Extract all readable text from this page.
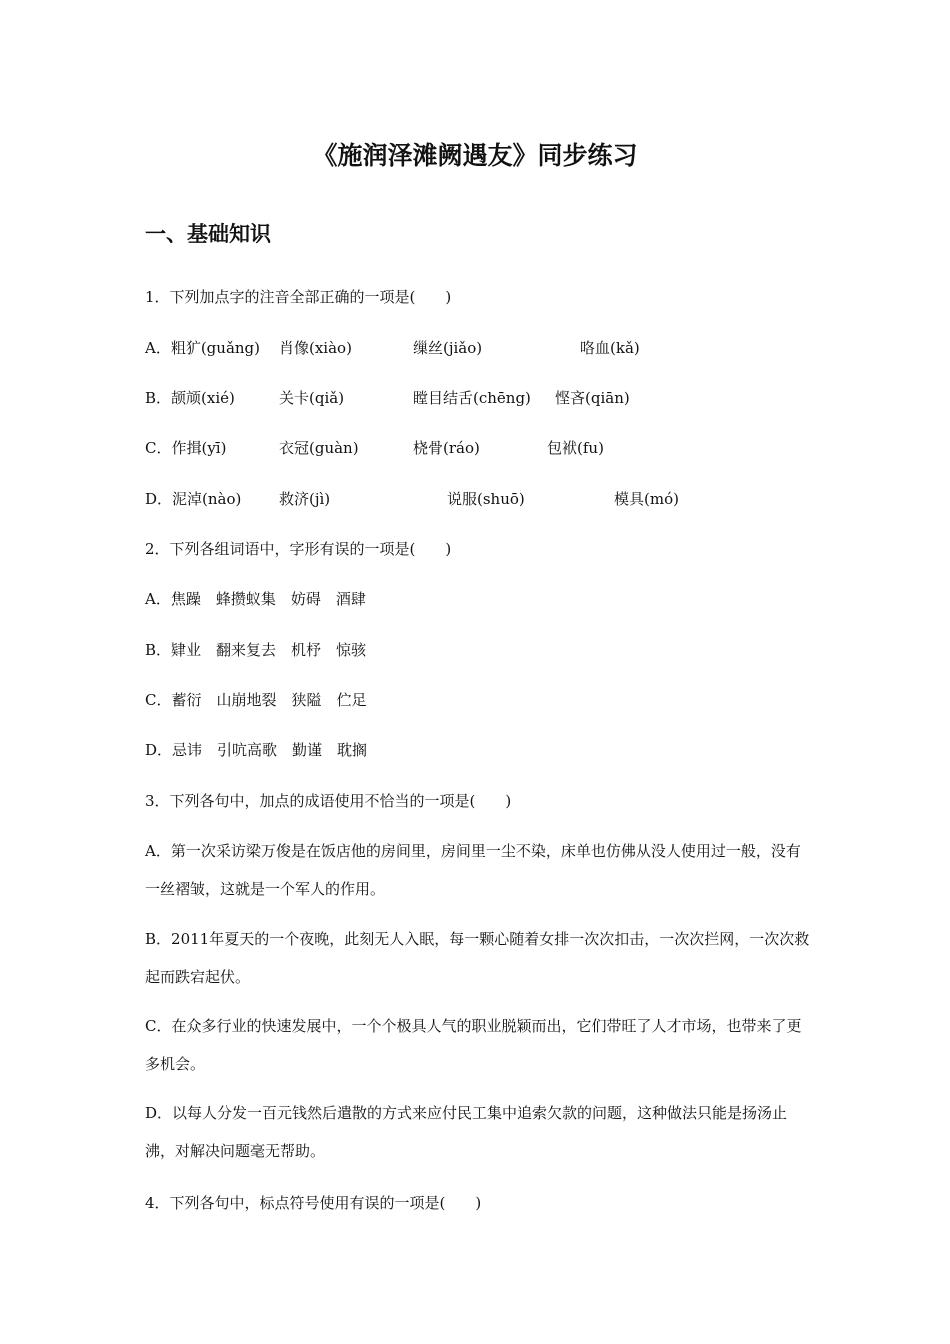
《施润泽滩阙遇友》同步练习
一、基础知识
1．下列加点字的注音全部正确的一项是(　　)
A．粗犷(guǎng) 肖像(xiào)	缫丝(jiǎo)	咯血(kǎ)
B．颉颃(xié)	关卡(qiǎ)	瞠目结舌(chēng) 悭吝(qiān)
C．作揖(yī)	衣冠(guàn)	桡骨(ráo)	包袱(fu)
D．泥淖(nào)	救济(jì)	说服(shuō)	模具(mó)
2．下列各组词语中，字形有误的一项是(　　)
A．焦躁　蜂攒蚁集　妨碍　酒肆
B．肄业　翻来复去　机杼　惊骇
C．蓄衍　山崩地裂　狭隘　伫足
D．忌讳　引吭高歌　勤谨　耽搁
3．下列各句中，加点的成语使用不恰当的一项是(　　)
A．第一次采访梁万俊是在饭店他的房间里，房间里一尘不染，床单也仿佛从没人使用过一般，没有一丝褶皱，这就是一个军人的作用。
B．2011年夏天的一个夜晚，此刻无人入眠，每一颗心随着女排一次次扣击，一次次拦网，一次次救起而跌宕起伏。
C．在众多行业的快速发展中，一个个极具人气的职业脱颖而出，它们带旺了人才市场，也带来了更多机会。
D．以每人分发一百元钱然后遣散的方式来应付民工集中追索欠款的问题，这种做法只能是扬汤止沸，对解决问题毫无帮助。
4．下列各句中，标点符号使用有误的一项是(　　)
